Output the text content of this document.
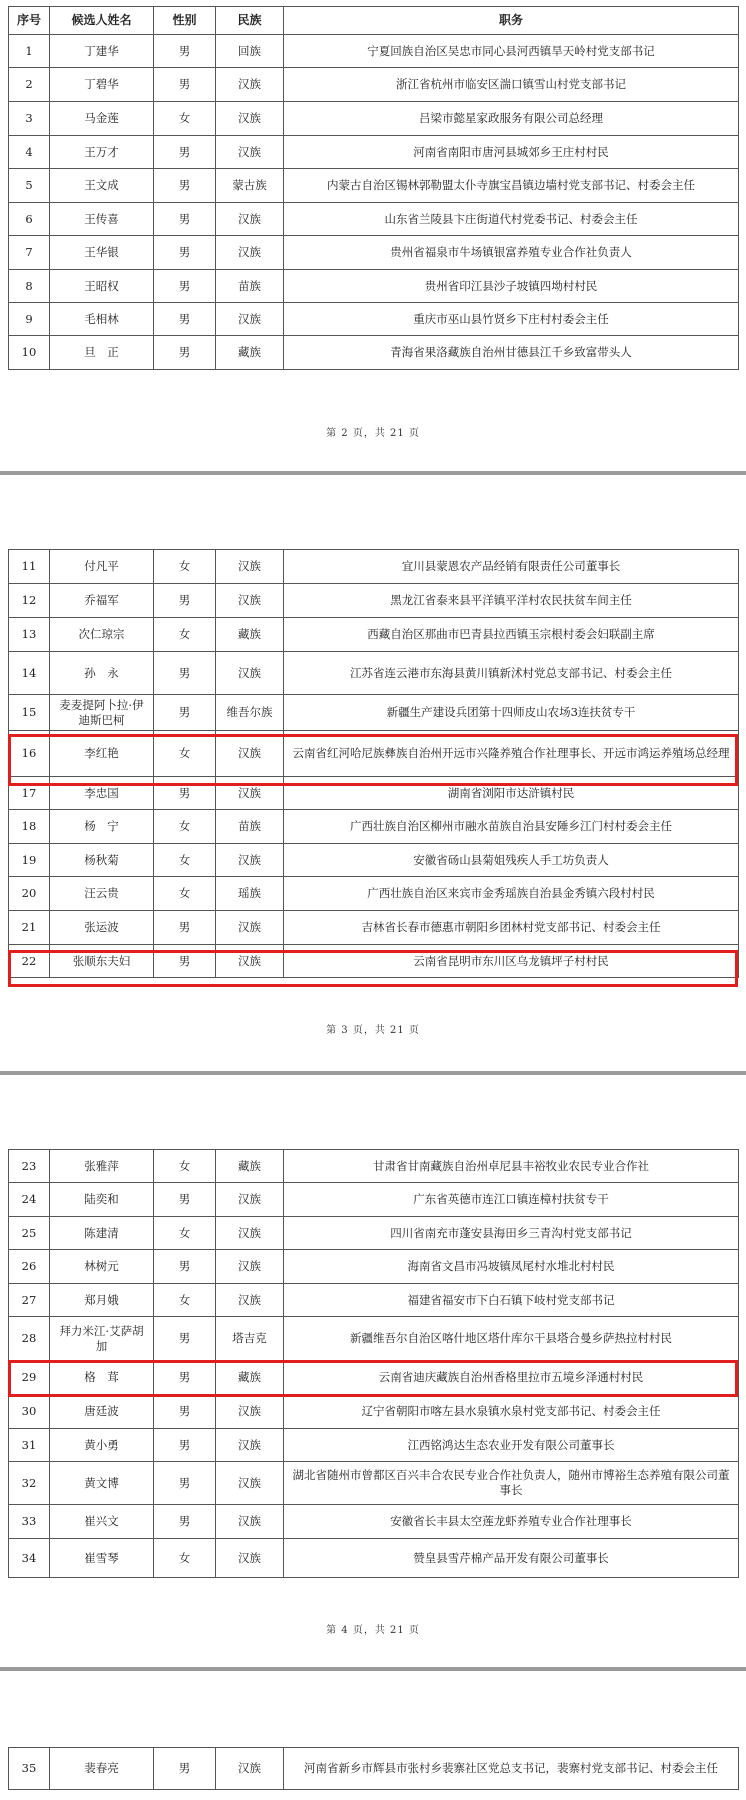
序号	候选人姓名	性别	民族	职务
1	丁建华	男	回族	宁夏回族自治区吴忠市同心县河西镇旱天岭村党支部书记
2	丁碧华	男	汉族	浙江省杭州市临安区湍口镇雪山村党支部书记
3	马金莲	女	汉族	吕梁市懿星家政服务有限公司总经理
4	王万才	男	汉族	河南省南阳市唐河县城郊乡王庄村村民
5	王文成	男	蒙古族	内蒙古自治区锡林郭勒盟太仆寺旗宝昌镇边墙村党支部书记、村委会主任
6	王传喜	男	汉族	山东省兰陵县卞庄街道代村党委书记、村委会主任
7	王华银	男	汉族	贵州省福泉市牛场镇银富养殖专业合作社负责人
8	王昭权	男	苗族	贵州省印江县沙子坡镇四坳村村民
9	毛相林	男	汉族	重庆市巫山县竹贤乡下庄村村委会主任
10	旦　正	男	藏族	青海省果洛藏族自治州甘德县江千乡致富带头人
第 2 页，共 21 页
11	付凡平	女	汉族	宜川县蒙恩农产品经销有限责任公司董事长
12	乔福军	男	汉族	黑龙江省泰来县平洋镇平洋村农民扶贫车间主任
13	次仁琼宗	女	藏族	西藏自治区那曲市巴青县拉西镇玉宗根村委会妇联副主席
14	孙　永	男	汉族	江苏省连云港市东海县黄川镇新沭村党总支部书记、村委会主任
15	麦麦提阿卜拉·伊迪斯巴柯	男	维吾尔族	新疆生产建设兵团第十四师皮山农场3连扶贫专干
16	李红艳	女	汉族	云南省红河哈尼族彝族自治州开远市兴隆养殖合作社理事长、开远市鸿运养殖场总经理
17	李忠国	男	汉族	湖南省浏阳市达浒镇村民
18	杨　宁	女	苗族	广西壮族自治区柳州市融水苗族自治县安陲乡江门村村委会主任
19	杨秋菊	女	汉族	安徽省砀山县菊姐残疾人手工坊负责人
20	汪云贵	女	瑶族	广西壮族自治区来宾市金秀瑶族自治县金秀镇六段村村民
21	张运波	男	汉族	吉林省长春市德惠市朝阳乡团林村党支部书记、村委会主任
22	张顺东夫妇	男	汉族	云南省昆明市东川区乌龙镇坪子村村民
第 3 页，共 21 页
23	张雅萍	女	藏族	甘肃省甘南藏族自治州卓尼县丰裕牧业农民专业合作社
24	陆奕和	男	汉族	广东省英德市连江口镇连樟村扶贫专干
25	陈建清	女	汉族	四川省南充市蓬安县海田乡三青沟村党支部书记
26	林树元	男	汉族	海南省文昌市冯坡镇凤尾村水堆北村村民
27	郑月娥	女	汉族	福建省福安市下白石镇下岐村党支部书记
28	拜力米江·艾萨胡加	男	塔吉克	新疆维吾尔自治区喀什地区塔什库尔干县塔合曼乡萨热拉村村民
29	格　茸	男	藏族	云南省迪庆藏族自治州香格里拉市五境乡泽通村村民
30	唐廷波	男	汉族	辽宁省朝阳市喀左县水泉镇水泉村党支部书记、村委会主任
31	黄小勇	男	汉族	江西铭鸿达生态农业开发有限公司董事长
32	黄文博	男	汉族	湖北省随州市曾都区百兴丰合农民专业合作社负责人，随州市博裕生态养殖有限公司董事长
33	崔兴文	男	汉族	安徽省长丰县太空莲龙虾养殖专业合作社理事长
34	崔雪琴	女	汉族	赞皇县雪芹棉产品开发有限公司董事长
第 4 页，共 21 页
35	裴春亮	男	汉族	河南省新乡市辉县市张村乡裴寨社区党总支书记，裴寨村党支部书记、村委会主任
